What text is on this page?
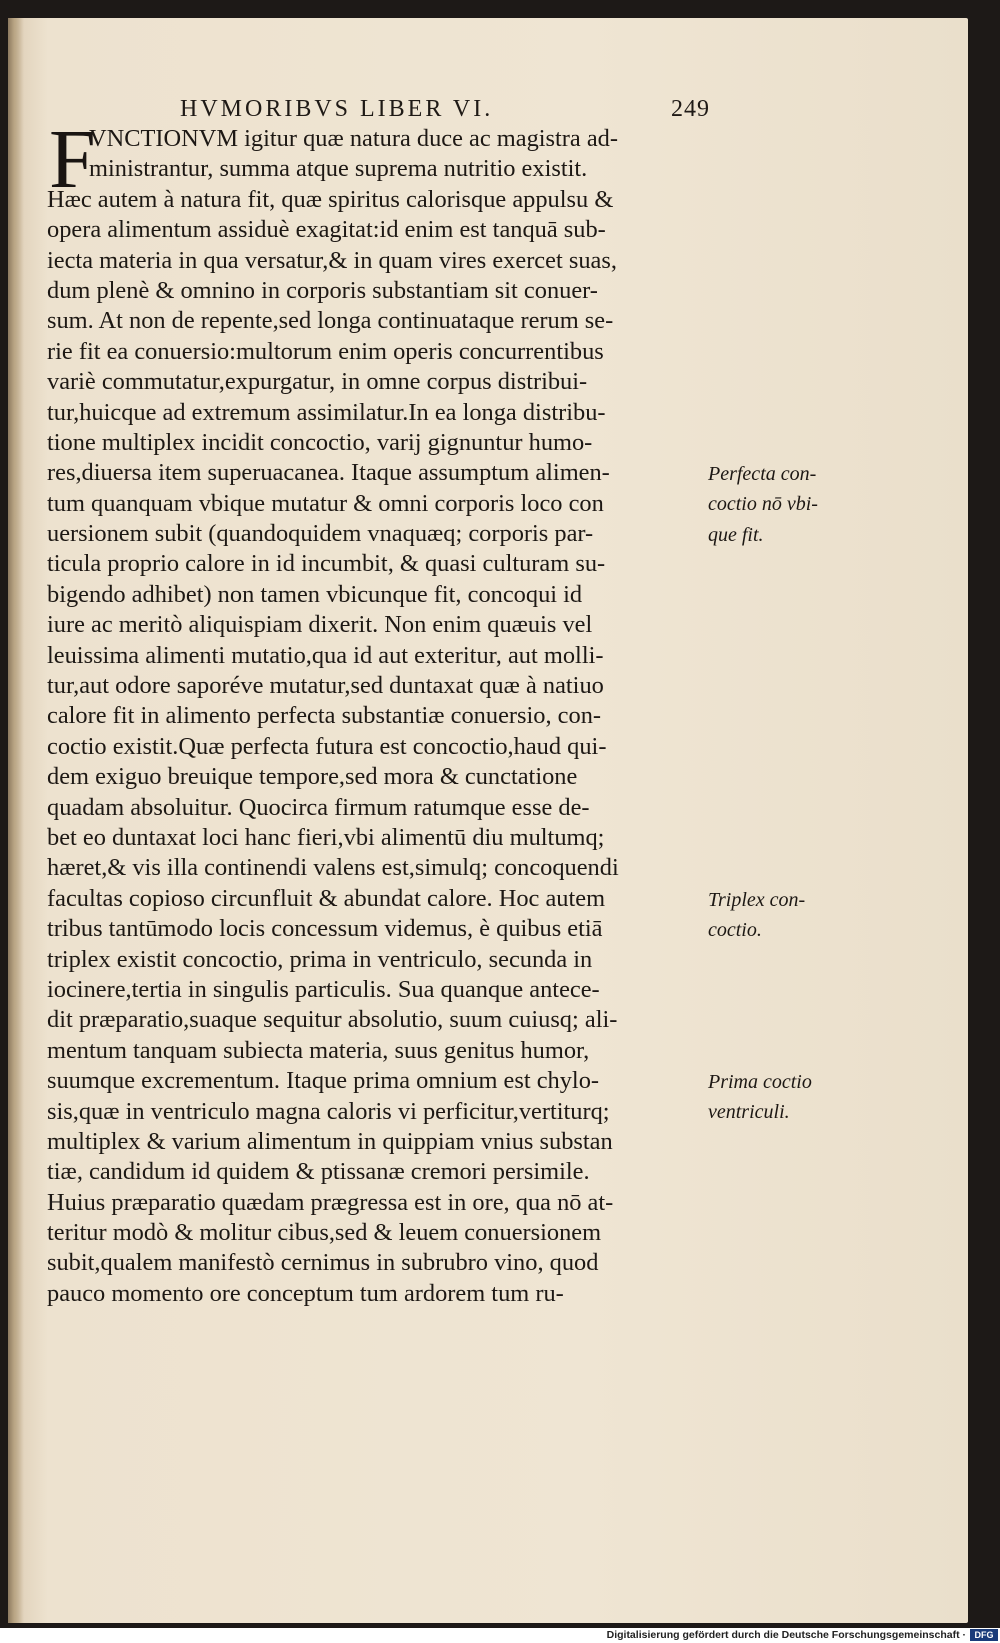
HVMORIBVS LIBER VI.	249
F
VNCTIONVM igitur quæ natura duce ac magistra ad-
ministrantur, summa atque suprema nutritio existit.
Hæc autem à natura fit, quæ spiritus calorisque appulsu &
opera alimentum assiduè exagitat:id enim est tanquā sub-
iecta materia in qua versatur,& in quam vires exercet suas,
dum plenè & omnino in corporis substantiam sit conuer-
sum. At non de repente,sed longa continuataque rerum se-
rie fit ea conuersio:multorum enim operis concurrentibus
variè commutatur,expurgatur, in omne corpus distribui-
tur,huicque ad extremum assimilatur.In ea longa distribu-
tione multiplex incidit concoctio, varij gignuntur humo-
res,diuersa item superuacanea. Itaque assumptum alimen-
tum quanquam vbique mutatur & omni corporis loco con
uersionem subit (quandoquidem vnaquæq; corporis par-
ticula proprio calore in id incumbit, & quasi culturam su-
bigendo adhibet) non tamen vbicunque fit, concoqui id
iure ac meritò aliquispiam dixerit. Non enim quæuis vel
leuissima alimenti mutatio,qua id aut exteritur, aut molli-
tur,aut odore saporéve mutatur,sed duntaxat quæ à natiuo
calore fit in alimento perfecta substantiæ conuersio, con-
coctio existit.Quæ perfecta futura est concoctio,haud qui-
dem exiguo breuique tempore,sed mora & cunctatione
quadam absoluitur. Quocirca firmum ratumque esse de-
bet eo duntaxat loci hanc fieri,vbi alimentū diu multumq;
hæret,& vis illa continendi valens est,simulq; concoquendi
facultas copioso circunfluit & abundat calore. Hoc autem
tribus tantūmodo locis concessum videmus, è quibus etiā
triplex existit concoctio, prima in ventriculo, secunda in
iocinere,tertia in singulis particulis. Sua quanque antece-
dit præparatio,suaque sequitur absolutio, suum cuiusq; ali-
mentum tanquam subiecta materia, suus genitus humor,
suumque excrementum. Itaque prima omnium est chylo-
sis,quæ in ventriculo magna caloris vi perficitur,vertiturq;
multiplex & varium alimentum in quippiam vnius substan
tiæ, candidum id quidem & ptissanæ cremori persimile.
Huius præparatio quædam prægressa est in ore, qua nō at-
teritur modò & molitur cibus,sed & leuem conuersionem
subit,qualem manifestò cernimus in subrubro vino, quod
pauco momento ore conceptum tum ardorem tum ru-
Perfecta con-
coctio nō vbi-
que fit.
Triplex con-
coctio.
Prima coctio
ventriculi.
Digitalisierung gefördert durch die Deutsche Forschungsgemeinschaft · DFG
